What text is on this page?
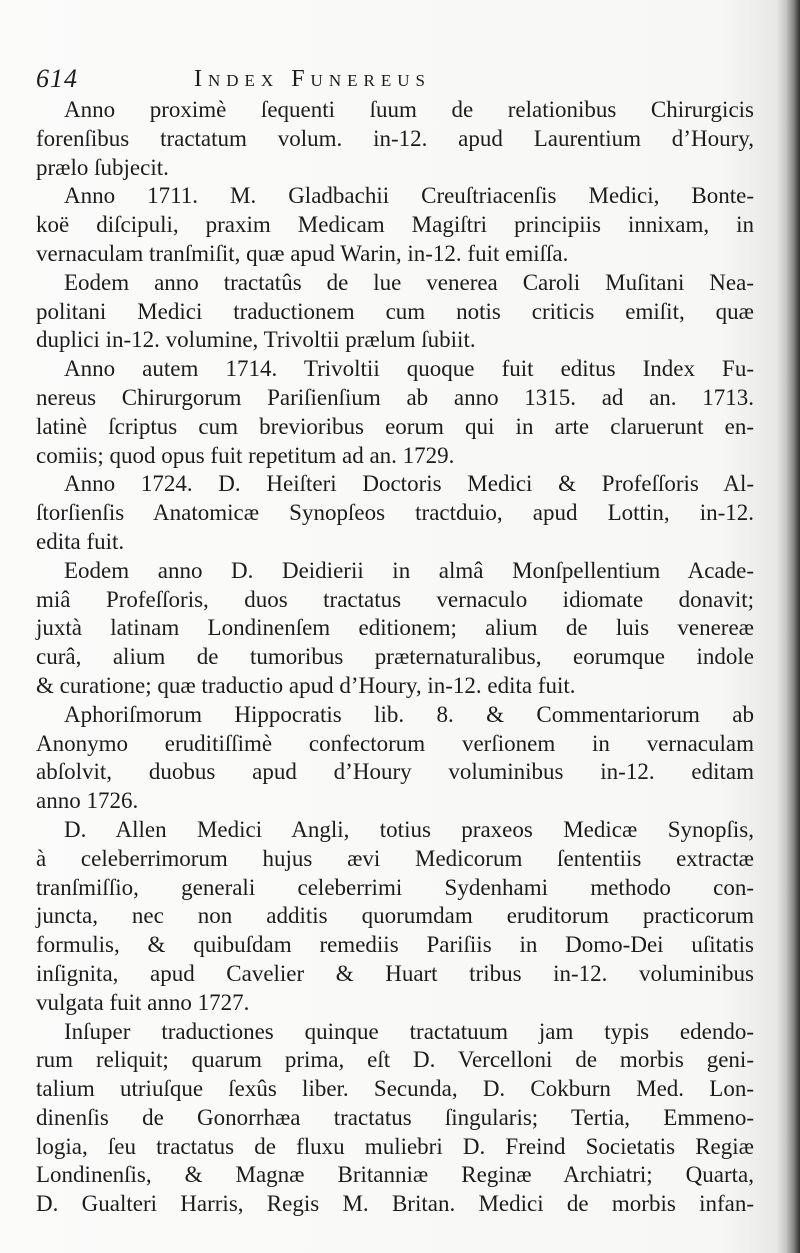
614	Index Funereus
Anno proximè ſequenti ſuum de relationibus Chirurgicis
forenſibus tractatum volum. in-12. apud Laurentium d’Houry,
prælo ſubjecit.
Anno 1711. M. Gladbachii Creuſtriacenſis Medici, Bonte-
koë diſcipuli, praxim Medicam Magiſtri principiis innixam, in
vernaculam tranſmiſit, quæ apud Warin, in-12. fuit emiſſa.
Eodem anno tractatûs de lue venerea Caroli Muſitani Nea-
politani Medici traductionem cum notis criticis emiſit, quæ
duplici in-12. volumine, Trivoltii prælum ſubiit.
Anno autem 1714. Trivoltii quoque fuit editus Index Fu-
nereus Chirurgorum Pariſienſium ab anno 1315. ad an. 1713.
latinè ſcriptus cum brevioribus eorum qui in arte claruerunt en-
comiis; quod opus fuit repetitum ad an. 1729.
Anno 1724. D. Heiſteri Doctoris Medici & Profeſſoris Al-
ſtorſienſis Anatomicæ Synopſeos tractduio, apud Lottin, in-12.
edita fuit.
Eodem anno D. Deidierii in almâ Monſpellentium Acade-
miâ Profeſſoris, duos tractatus vernaculo idiomate donavit;
juxtà latinam Londinenſem editionem; alium de luis venereæ
curâ, alium de tumoribus præternaturalibus, eorumque indole
& curatione; quæ traductio apud d’Houry, in-12. edita fuit.
Aphoriſmorum Hippocratis lib. 8. & Commentariorum ab
Anonymo eruditiſſimè confectorum verſionem in vernaculam
abſolvit, duobus apud d’Houry voluminibus in-12. editam
anno 1726.
D. Allen Medici Angli, totius praxeos Medicæ Synopſis,
à celeberrimorum hujus ævi Medicorum ſententiis extractæ
tranſmiſſio, generali celeberrimi Sydenhami methodo con-
juncta, nec non additis quorumdam eruditorum practicorum
formulis, & quibuſdam remediis Pariſiis in Domo-Dei uſitatis
inſignita, apud Cavelier & Huart tribus in-12. voluminibus
vulgata fuit anno 1727.
Inſuper traductiones quinque tractatuum jam typis edendo-
rum reliquit; quarum prima, eſt D. Vercelloni de morbis geni-
talium utriuſque ſexûs liber. Secunda, D. Cokburn Med. Lon-
dinenſis de Gonorrhæa tractatus ſingularis; Tertia, Emmeno-
logia, ſeu tractatus de fluxu muliebri D. Freind Societatis Regiæ
Londinenſis, & Magnæ Britanniæ Reginæ Archiatri; Quarta,
D. Gualteri Harris, Regis M. Britan. Medici de morbis infan-
